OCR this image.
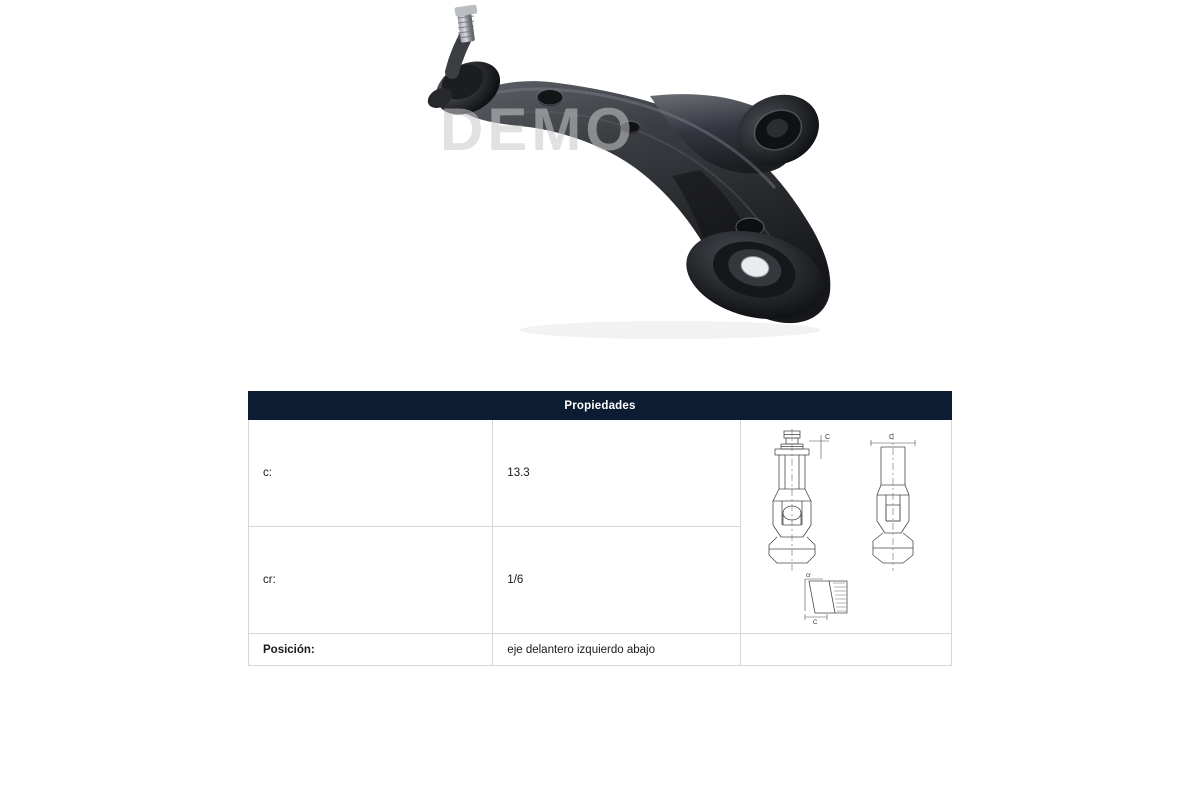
DEMO
Propiedades		
c:	13.3	C C
cr
C

cr:	1/6	
Posición:	eje delantero izquierdo abajo	
